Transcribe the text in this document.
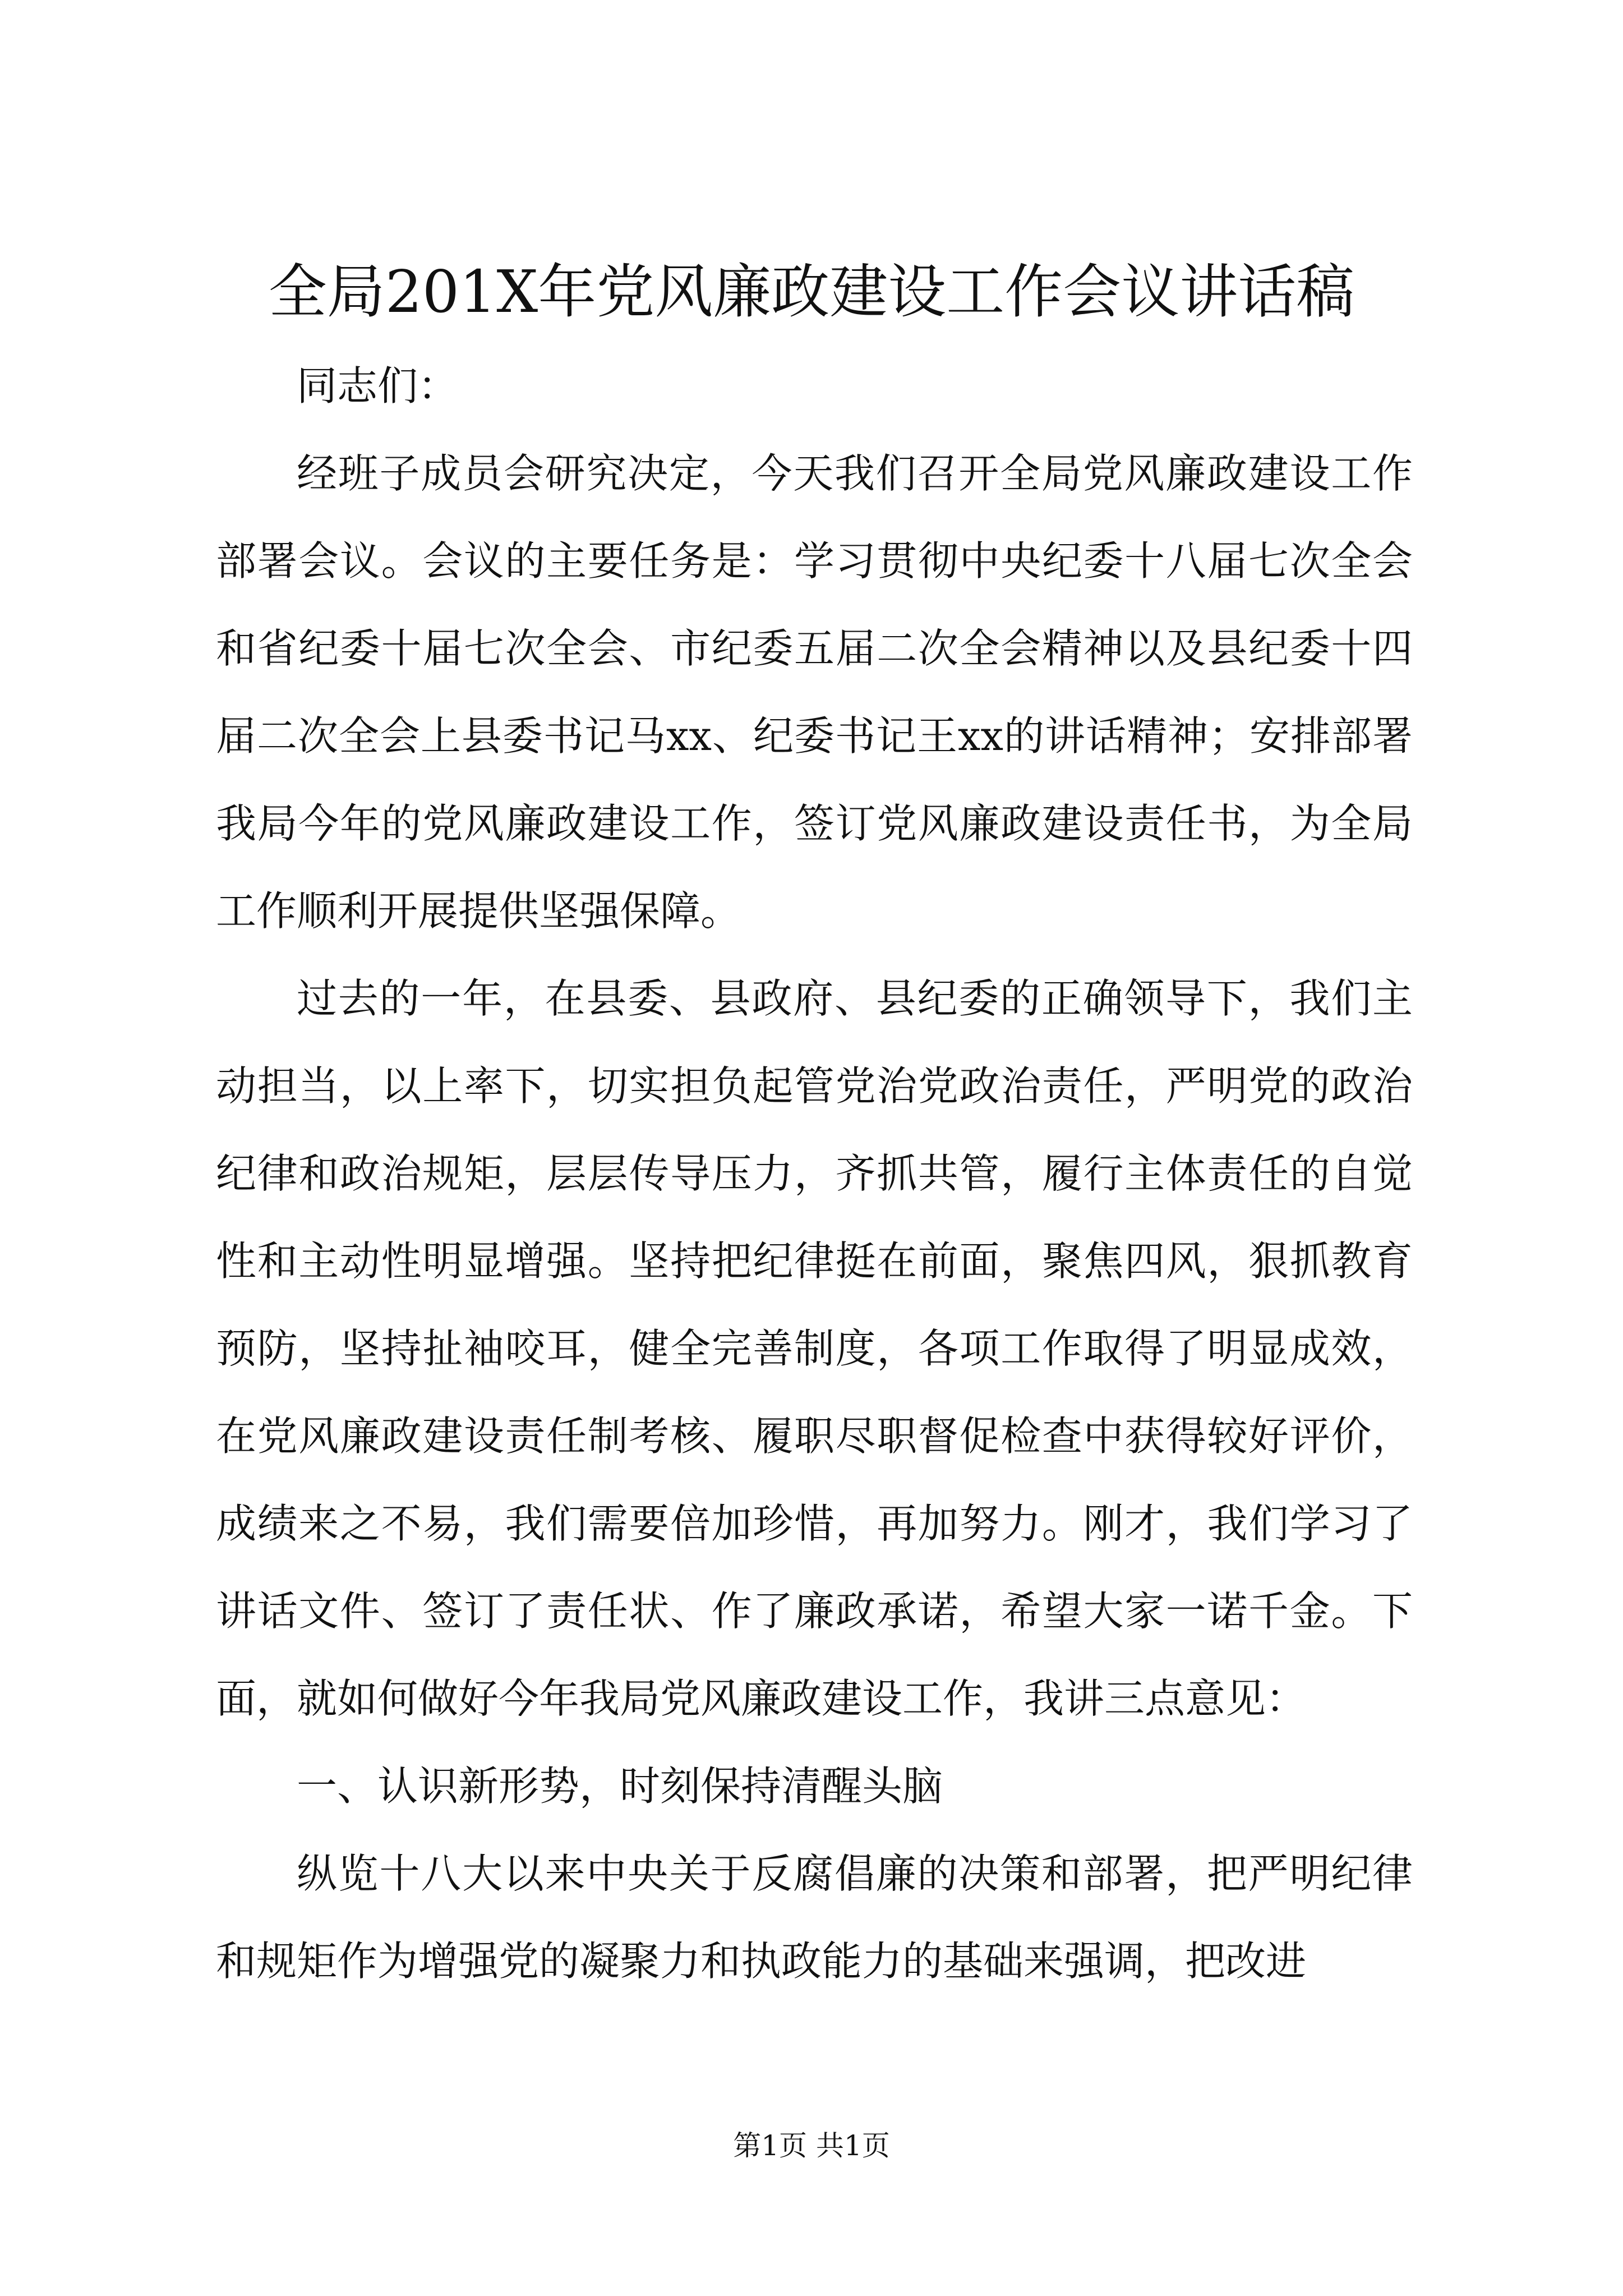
全局201X年党风廉政建设工作会议讲话稿

同志们：

经班子成员会研究决定，今天我们召开全局党风廉政建设工作部署会议。会议的主要任务是：学习贯彻中央纪委十八届七次全会和省纪委十届七次全会、市纪委五届二次全会精神以及县纪委十四届二次全会上县委书记马xx、纪委书记王xx的讲话精神；安排部署我局今年的党风廉政建设工作，签订党风廉政建设责任书，为全局工作顺利开展提供坚强保障。

过去的一年，在县委、县政府、县纪委的正确领导下，我们主动担当，以上率下，切实担负起管党治党政治责任，严明党的政治纪律和政治规矩，层层传导压力，齐抓共管，履行主体责任的自觉性和主动性明显增强。坚持把纪律挺在前面，聚焦四风，狠抓教育预防，坚持扯袖咬耳，健全完善制度，各项工作取得了明显成效，在党风廉政建设责任制考核、履职尽职督促检查中获得较好评价，成绩来之不易，我们需要倍加珍惜，再加努力。刚才，我们学习了讲话文件、签订了责任状、作了廉政承诺，希望大家一诺千金。下面，就如何做好今年我局党风廉政建设工作，我讲三点意见：

一、认识新形势，时刻保持清醒头脑

纵览十八大以来中央关于反腐倡廉的决策和部署，把严明纪律和规矩作为增强党的凝聚力和执政能力的基础来强调，把改进

第1页 共1页
